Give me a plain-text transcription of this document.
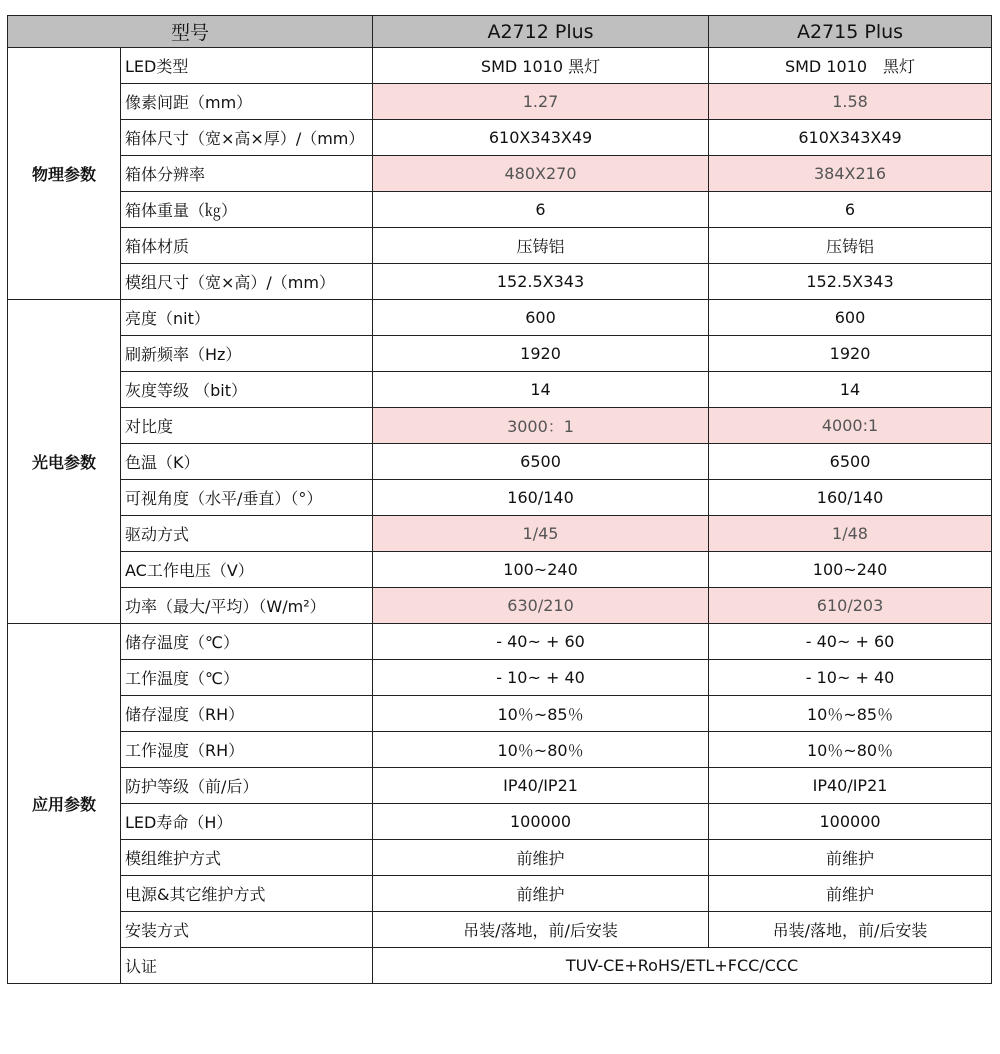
型号		A2712 Plus	A2715 Plus
物理参数	LED类型	SMD 1010 黑灯	SMD 1010　黑灯
	像素间距（mm）	1.27	1.58
	箱体尺寸（宽×高×厚）/（mm）	610X343X49	610X343X49
	箱体分辨率	480X270	384X216
	箱体重量（㎏）	6	6
	箱体材质	压铸铝	压铸铝
	模组尺寸（宽×高）/（mm）	152.5X343	152.5X343
光电参数	亮度（nit）	600	600
	刷新频率（Hz）	1920	1920
	灰度等级 （bit）	14	14
	对比度	3000：1	4000:1
	色温（K）	6500	6500
	可视角度（水平/垂直）（°）	160/140	160/140
	驱动方式	1/45	1/48
	AC工作电压（V）	100~240	100~240
	功率（最大/平均）（W/m²）	630/210	610/203
应用参数	储存温度（℃）	- 40~ + 60	- 40~ + 60
	工作温度（℃）	- 10~ + 40	- 10~ + 40
	储存湿度（RH）	10％~85％	10％~85％
	工作湿度（RH）	10％~80％	10％~80％
	防护等级（前/后）	IP40/IP21	IP40/IP21
	LED寿命（H）	100000	100000
	模组维护方式	前维护	前维护
	电源&其它维护方式	前维护	前维护
	安装方式	吊装/落地，前/后安装	吊装/落地，前/后安装
	认证	TUV-CE+RoHS/ETL+FCC/CCC	
